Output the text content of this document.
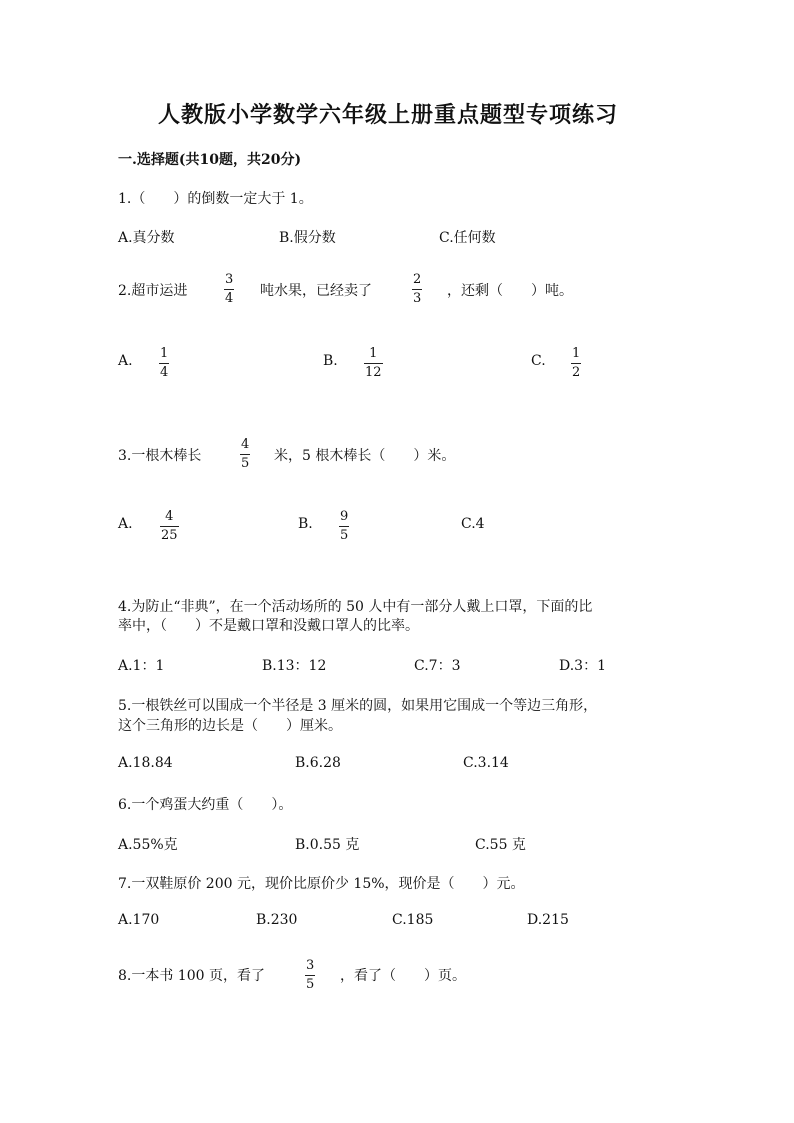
人教版小学数学六年级上册重点题型专项练习
一.选择题(共10题，共20分)
1.（　　）的倒数一定大于 1。
A.真分数	B.假分数	C.任何数
2.超市运进
3
4 吨水果，已经卖了
2
3 ，还剩（　　）吨。
A. 1
4
B. 1
12
C. 1
2
3.一根木棒长
4
5 米，5 根木棒长（　　）米。
A.	4
25
B. 9
5
C.4
4.为防止“非典”，在一个活动场所的 50 人中有一部分人戴上口罩，下面的比
率中，（　　）不是戴口罩和没戴口罩人的比率。
A.1：1	B.13：12	C.7：3	D.3：1
5.一根铁丝可以围成一个半径是 3 厘米的圆，如果用它围成一个等边三角形，
这个三角形的边长是（　　）厘米。
A.18.84	B.6.28	C.3.14
6.一个鸡蛋大约重（　　）。
A.55%克	B.0.55 克	C.55 克
7.一双鞋原价 200 元，现价比原价少 15%，现价是（　　）元。
A.170	B.230	C.185	D.215
8.一本书 100 页，看了
3
5
，看了（　　）页。
